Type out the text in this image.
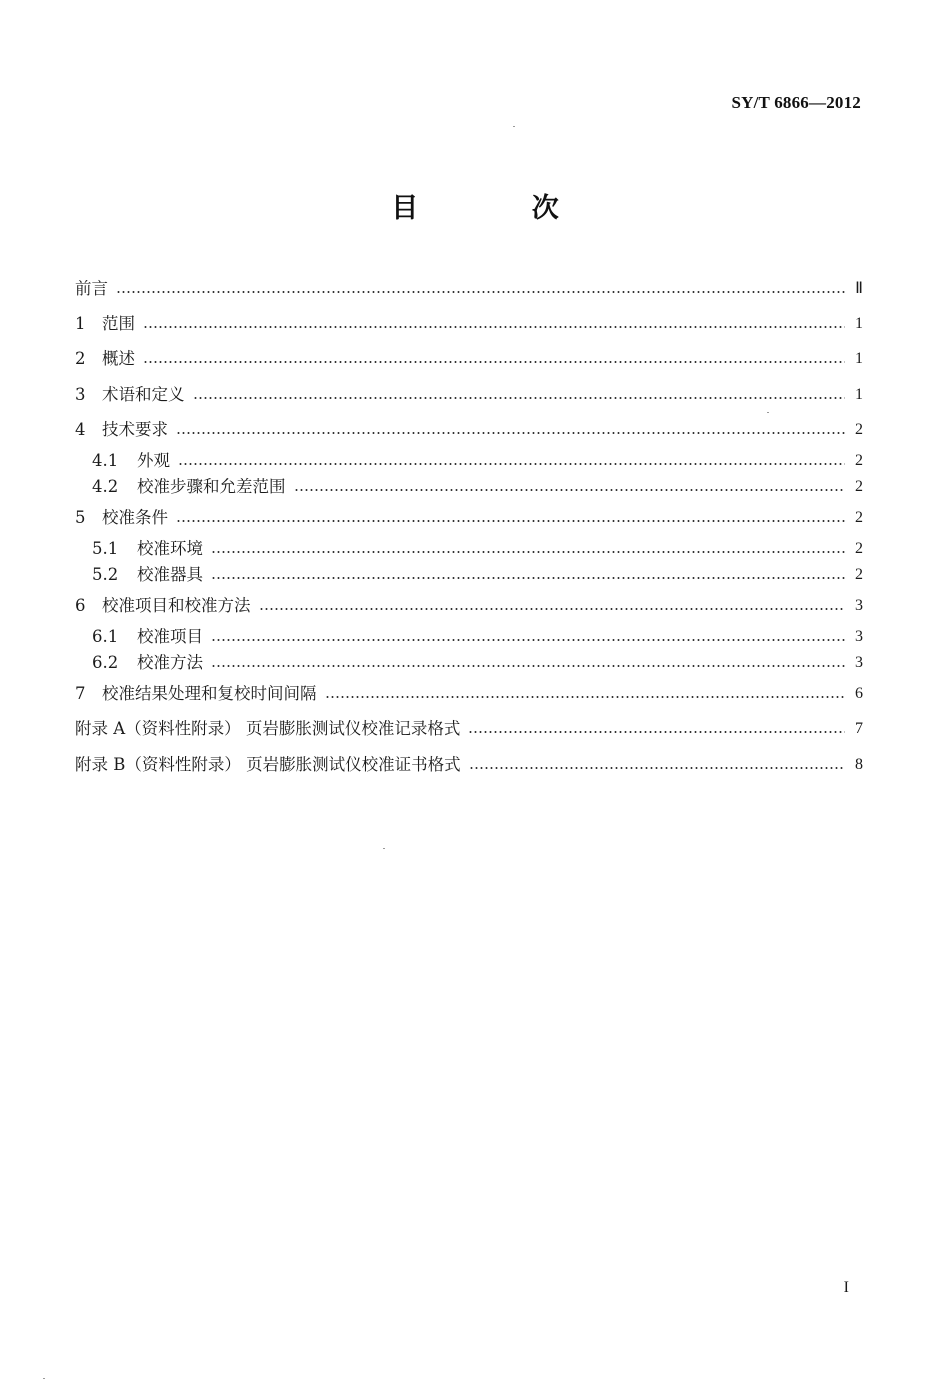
SY/T 6866—2012
目 次
前言	Ⅱ
1	范围	1
2	概述	1
3	术语和定义	1
4	技术要求	2
4.1	外观	2
4.2	校准步骤和允差范围	2
5	校准条件	2
5.1	校准环境	2
5.2	校准器具	2
6	校准项目和校准方法	3
6.1	校准项目	3
6.2	校准方法	3
7	校准结果处理和复校时间间隔	6
附录 A（资料性附录） 页岩膨胀测试仪校准记录格式	7
附录 B（资料性附录） 页岩膨胀测试仪校准证书格式	8
I
